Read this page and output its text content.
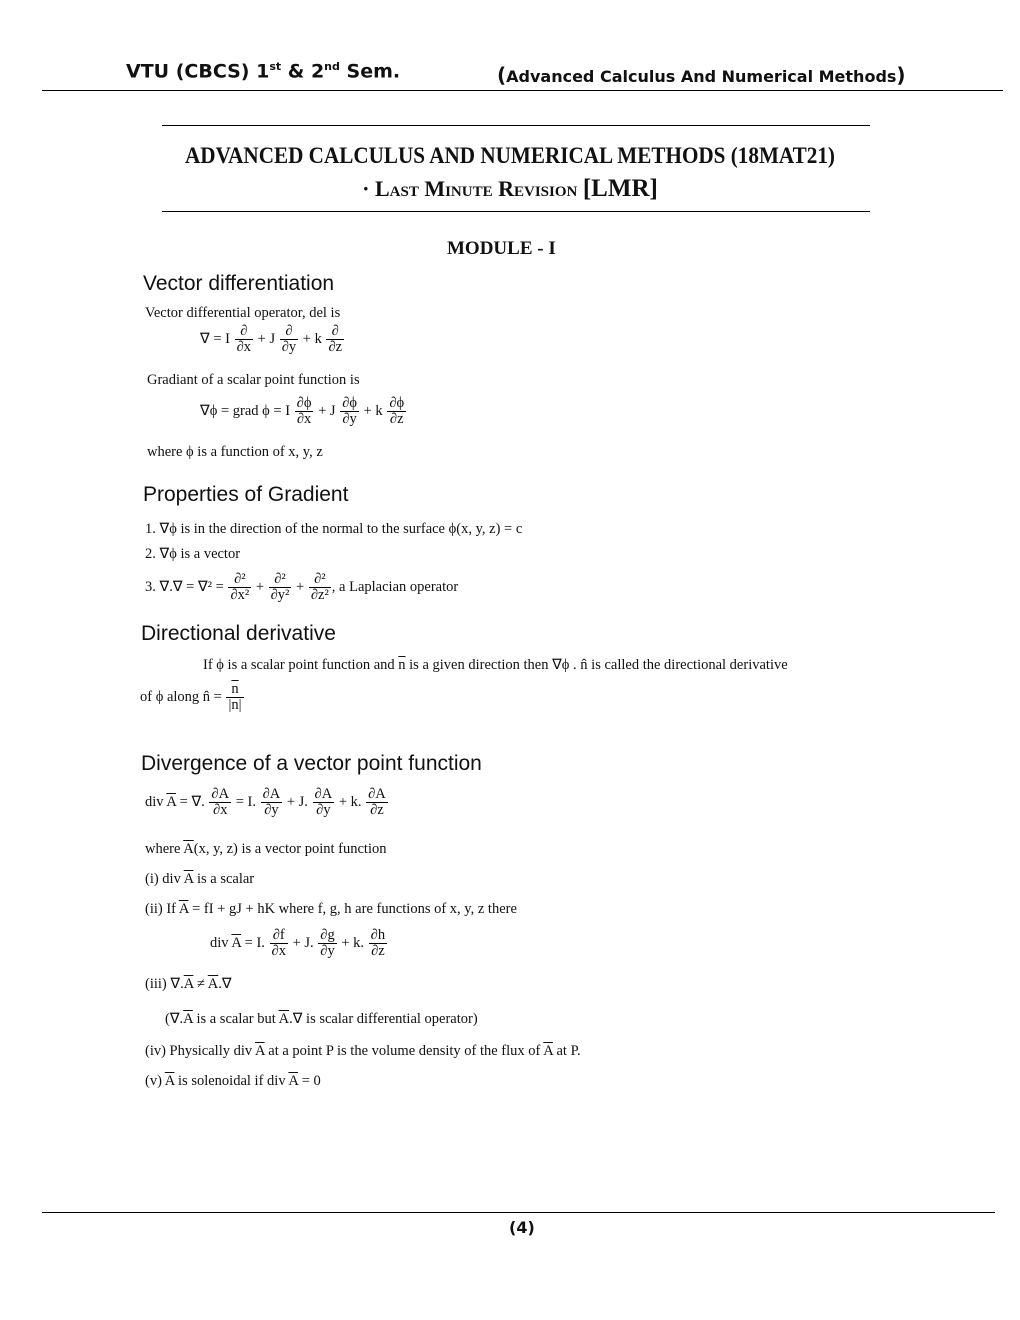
VTU (CBCS) 1st & 2nd Sem.	(Advanced Calculus And Numerical Methods)
ADVANCED CALCULUS AND NUMERICAL METHODS (18MAT21)
· Last Minute Revision [LMR]
MODULE - I
Vector differentiation
Vector differential operator, del is
∇ = I $\frac{\partial}{\partial x} + J \frac{\partial}{\partial y} + k \frac{\partial}{\partial z}$
Gradiant of a scalar point function is
∇ϕ = grad ϕ = I $\frac{\partial\phi}{\partial x} + J \frac{\partial\phi}{\partial y} + k \frac{\partial\phi}{\partial z}$
where ϕ is a function of x, y, z
Properties of Gradient
1. ∇ϕ is in the direction of the normal to the surface ϕ(x, y, z) = c
2. ∇ϕ is a vector
3. ∇.∇ = $\nabla^2 = \frac{\text{∂²}}{\text{∂x²}} + \frac{\text{∂²}}{\text{∂y²}} + \frac{\text{∂²}}{\text{∂z²}}$ , a Laplacian operator
Directional derivative
If ϕ is a scalar point function and $\overline{n}$ is a given direction then ∇ϕ . n̂ is called the directional derivative
of ϕ along n̂ = $\frac{\overline{n}}{|n|}$
Divergence of a vector point function
div $\overline{A}$ = ∇. $\frac{\partial A}{\partial x} = I$. $\frac{\partial A}{\partial y} + J$. $\frac{\partial A}{\partial y} + k$. $\frac{\partial A}{\partial z}$
where $\overline{A}(x$, y, z) is a vector point function
(i) div $\overline{A}$ is a scalar
(ii) If $\overline{A}$ = fI + gJ + hK where f, g, h are functions of x, y, z there
div $\overline{A} = I$. $\frac{\partial f}{\partial x} + J$. $\frac{\partial g}{\partial y} + k$. $\frac{\partial h}{\partial z}$
(iii) $\nabla.\overline{A} \ne \overline{A}.\nabla$
($\nabla.\overline{A}$ is a scalar but $\overline{A}.\nabla$ is scalar differential operator)
(iv) Physically div $\overline{A}$ at a point P is the volume density of the flux of $\overline{A}$ at P.
(v) $\overline{A}$ is solenoidal if div $\overline{A} = 0$
(4)
